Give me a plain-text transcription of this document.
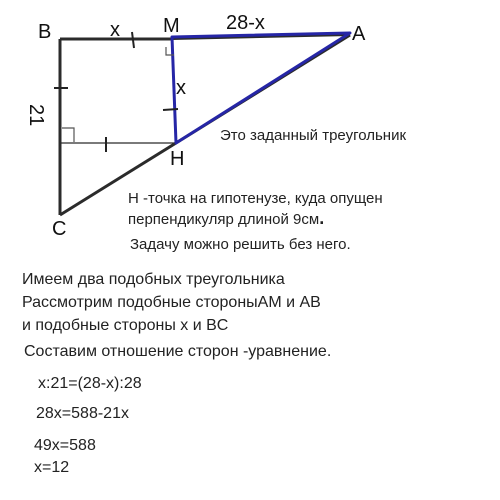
B	M	A
H
C
x	28-x
x
21
Это заданный треугольник
H -точка на гипотенузе, куда опущен
перпендикуляр длиной 9см.
Задачу можно решить без него.
Имеем два подобных треугольника
Рассмотрим подобные стороныAM и AB
и подобные стороны x и BC
Составим отношение сторон -уравнение.
x:21=(28-x):28
28x=588-21x
49x=588
x=12
